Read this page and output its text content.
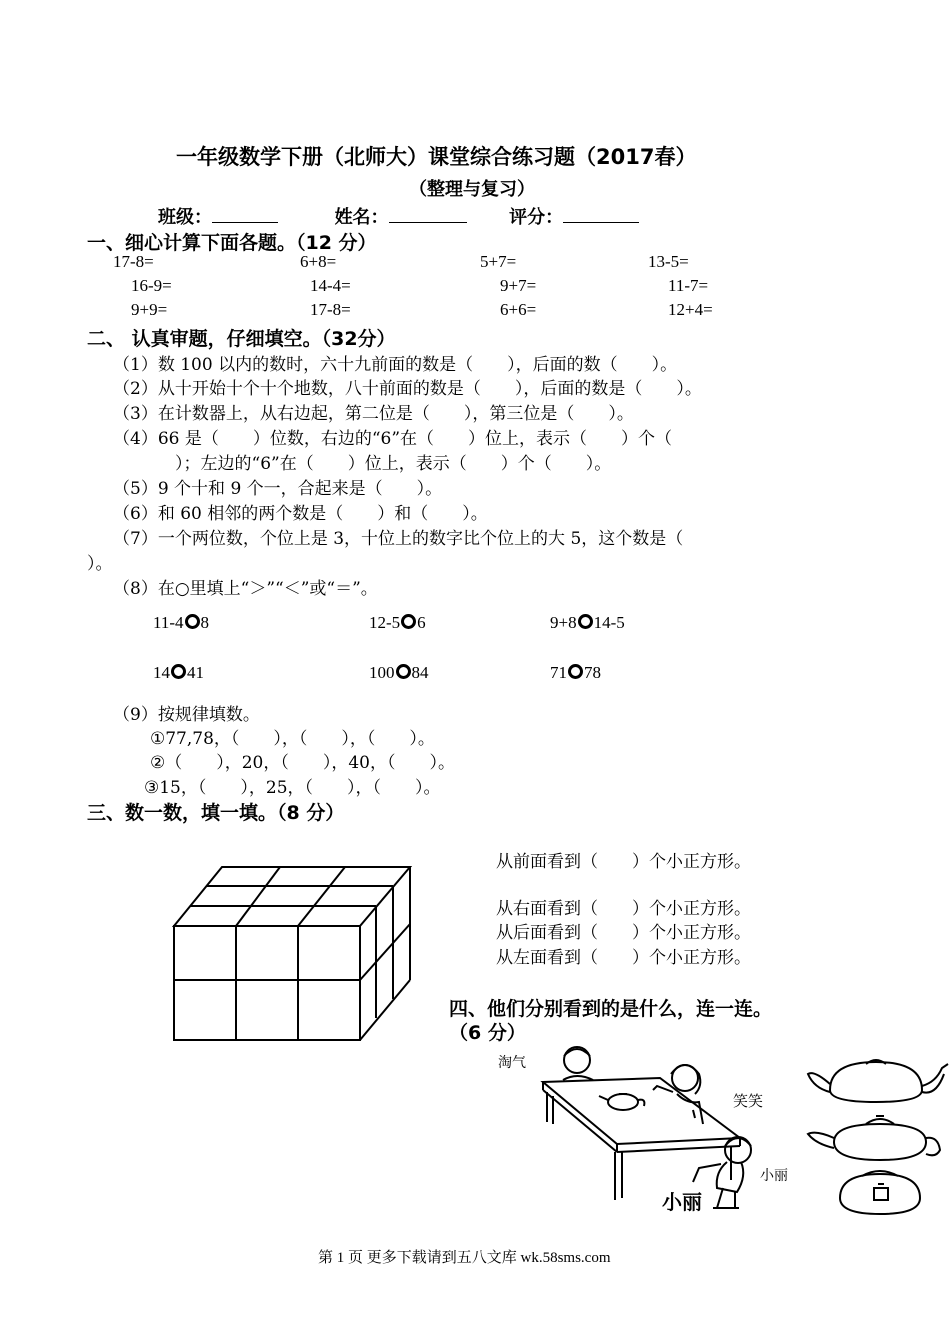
一年级数学下册（北师大）课堂综合练习题（2017春）
（整理与复习）
班级：	姓名：	评分：
一、细心计算下面各题。（12 分）
17-8=	6+8=	5+7=	13-5=
16-9=	14-4=	9+7=	11-7=
9+9=	17-8=	6+6=	12+4=
二、 认真审题，仔细填空。（32分）
（1）数 100 以内的数时，六十九前面的数是（　　），后面的数（　　）。
（2）从十开始十个十个地数，八十前面的数是（　　），后面的数是（　　）。
（3）在计数器上，从右边起，第二位是（　　），第三位是（　　）。
（4）66 是（　　）位数，右边的“6”在（　　）位上，表示（　　）个（
）；左边的“6”在（　　）位上，表示（　　）个（　　）。
（5）9 个十和 9 个一，合起来是（　　）。
（6）和 60 相邻的两个数是（　　）和（　　）。
（7）一个两位数，个位上是 3，十位上的数字比个位上的大 5，这个数是（
）。
（8）在○里填上“＞”“＜”或“＝”。
11-4 8	12-5 6	9+8 14-5
14 41	100 84	71 78
（9）按规律填数。
①77,78，（　　），（　　），（　　）。
②（　　），20，（　　），40，（　　）。
③15，（　　），25，（　　），（　　）。
三、数一数，填一填。（8 分）
从前面看到（　　）个小正方形。
从右面看到（　　）个小正方形。
从后面看到（　　）个小正方形。
从左面看到（　　）个小正方形。
四、他们分别看到的是什么，连一连。
（6 分）
淘气
笑笑
小丽
小丽
第 1 页 更多下载请到五八文库 wk.58sms.com
